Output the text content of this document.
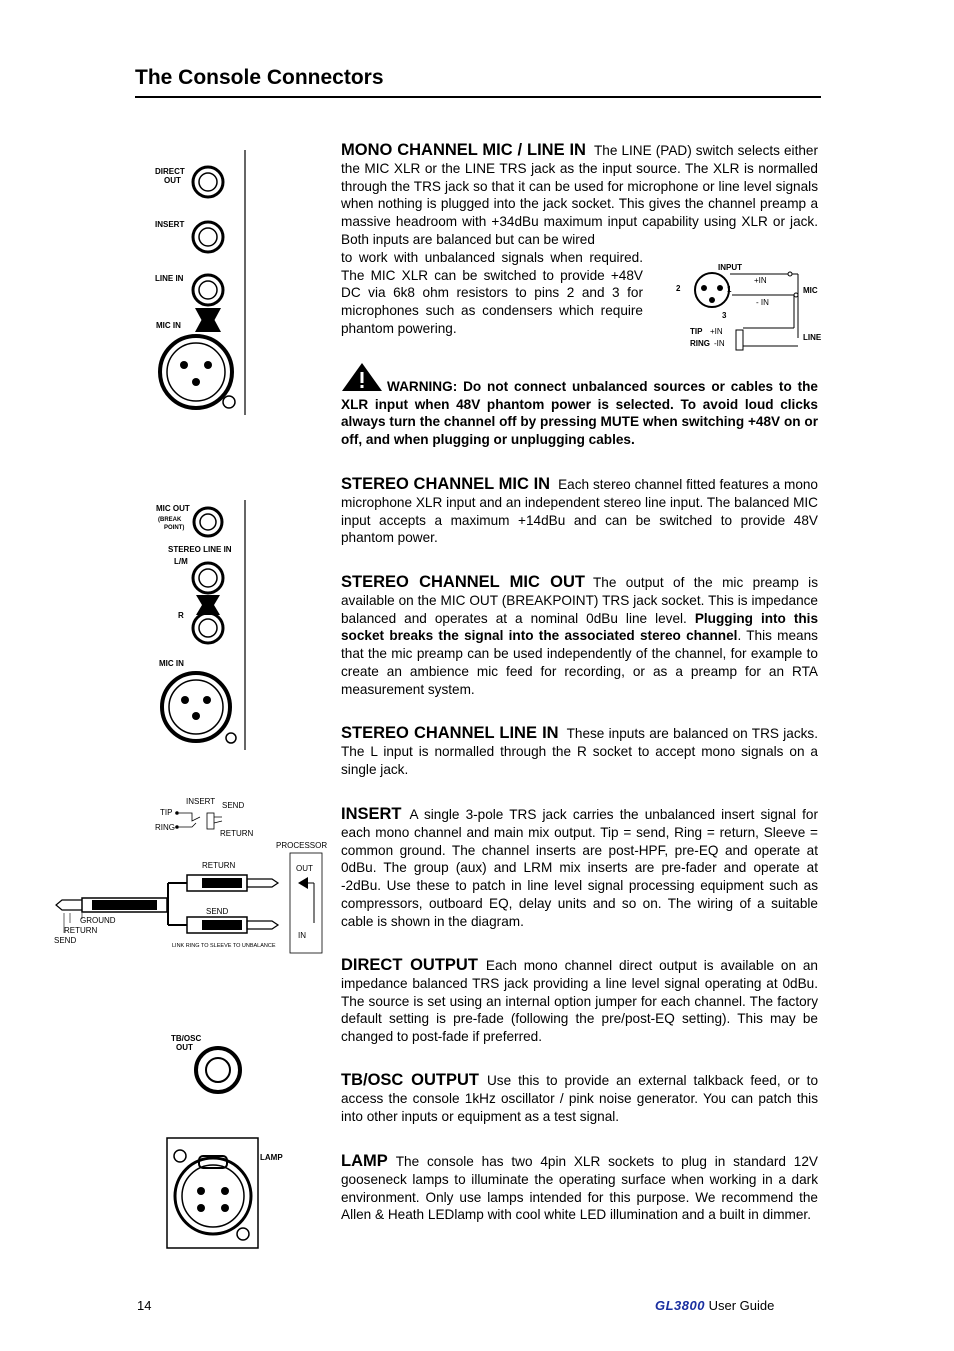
The Console Connectors
DIRECT
OUT
INSERT
LINE IN
MIC IN

MONO CHANNEL MIC / LINE IN The LINE (PAD) switch selects either the MIC XLR or the LINE TRS jack as the input source. The XLR is normalled through the TRS jack so that it can be used for microphone or line level signals when nothing is plugged into the jack socket. This gives the channel preamp a massive headroom with +34dBu maximum input capability using XLR or jack. Both inputs are balanced but can be wired

to work with unbalanced signals when required. The MIC XLR can be switched to provide +48V DC via 6k8 ohm resistors to pins 2 and 3 for microphones such as condensers which require phantom powering.

INPUT
2	1
3
+IN
- IN
MIC
TIP +IN
RING -IN
LINE
WARNING: Do not connect unbalanced sources or cables to the XLR input when 48V phantom power is selected. To avoid loud clicks always turn the channel off by pressing MUTE when switching +48V on or off, and when plugging or unplugging cables.
MIC OUT
(BREAK
POINT)
STEREO LINE IN
L/M
R
MIC IN

STEREO CHANNEL MIC IN Each stereo channel fitted features a mono microphone XLR input and an independent stereo line input. The balanced MIC input accepts a maximum +14dBu and can be switched to provide 48V phantom power.

STEREO CHANNEL MIC OUT The output of the mic preamp is available on the MIC OUT (BREAKPOINT) TRS jack socket. This is impedance balanced and operates at a nominal 0dBu line level. Plugging into this socket breaks the signal into the associated stereo channel. This means that the mic preamp can be used independently of the channel, for example to create an ambience mic feed for recording, or as a preamp for an RTA measurement system.

STEREO CHANNEL LINE IN These inputs are balanced on TRS jacks. The L input is normalled through the R socket to accept mono signals on a single jack.

INSERT SEND
TIP
RING
RETURN
PROCESSOR
OUT
IN
RETURN
SEND
GROUND
RETURN
SEND
LINK RING TO SLEEVE TO UNBALANCE

INSERT A single 3-pole TRS jack carries the unbalanced insert signal for each mono channel and main mix output. Tip = send, Ring = return, Sleeve = common ground. The channel inserts are post-HPF, pre-EQ and operate at 0dBu. The group (aux) and LRM mix inserts are pre-fader and operate at -2dBu. Use these to patch in line level signal processing equipment such as compressors, outboard EQ, delay units and so on. The wiring of a suitable cable is shown in the diagram.

DIRECT OUTPUT Each mono channel direct output is available on an impedance balanced TRS jack providing a line level signal operating at 0dBu. The source is set using an internal option jumper for each channel. The factory default setting is pre-fade (following the pre/post-EQ setting). This may be changed to post-fade if preferred.

TB/OSC
OUT

TB/OSC OUTPUT Use this to provide an external talkback feed, or to access the console 1kHz oscillator / pink noise generator. You can patch this into other inputs or equipment as a test signal.

LAMP	LAMP The console has two 4pin XLR sockets to plug in standard 12V gooseneck lamps to illuminate the operating surface when working in a dark environment. Only use lamps intended for this purpose. We recommend the Allen & Heath LEDlamp with cool white LED illumination and a built in dimmer.

14	GL3800 User Guide
